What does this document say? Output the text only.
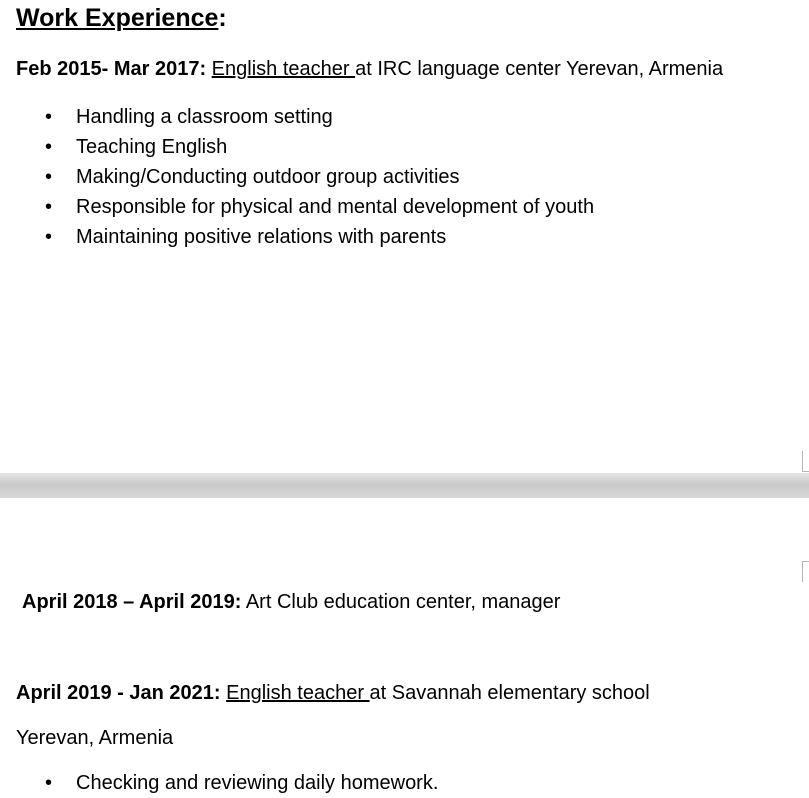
Work Experience:

Feb 2015- Mar 2017: English teacher at IRC language center Yerevan, Armenia

• Handling a classroom setting
• Teaching English
• Making/Conducting outdoor group activities
• Responsible for physical and mental development of youth
• Maintaining positive relations with parents

April 2018 – April 2019: Art Club education center, manager

April 2019 - Jan 2021: English teacher at Savannah elementary school

Yerevan, Armenia

• Checking and reviewing daily homework.
